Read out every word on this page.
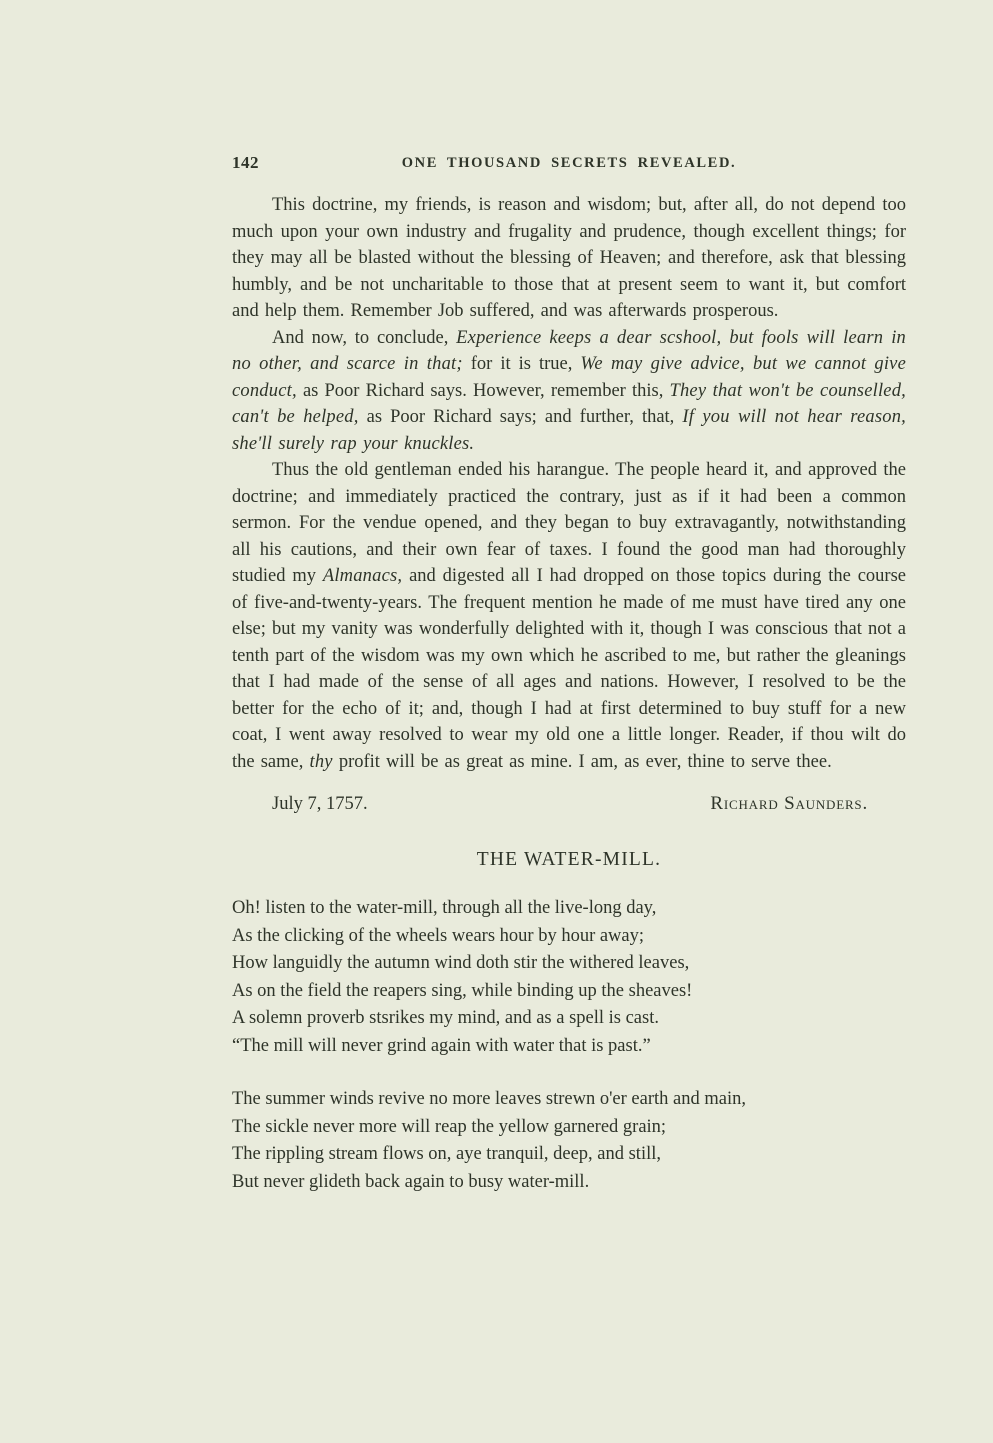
142	ONE THOUSAND SECRETS REVEALED.

This doctrine, my friends, is reason and wisdom; but, after all, do not depend too much upon your own industry and frugality and prudence, though excellent things; for they may all be blasted without the blessing of Heaven; and therefore, ask that blessing humbly, and be not uncharitable to those that at present seem to want it, but comfort and help them. Remember Job suffered, and was afterwards prosperous.

And now, to conclude, Experience keeps a dear scshool, but fools will learn in no other, and scarce in that; for it is true, We may give advice, but we cannot give conduct, as Poor Richard says. However, remember this, They that won't be counselled, can't be helped, as Poor Richard says; and further, that, If you will not hear reason, she'll surely rap your knuckles.

Thus the old gentleman ended his harangue. The people heard it, and approved the doctrine; and immediately practiced the contrary, just as if it had been a common sermon. For the vendue opened, and they began to buy extravagantly, notwithstanding all his cautions, and their own fear of taxes. I found the good man had thoroughly studied my Almanacs, and digested all I had dropped on those topics during the course of five-and-twenty-years. The frequent mention he made of me must have tired any one else; but my vanity was wonderfully delighted with it, though I was conscious that not a tenth part of the wisdom was my own which he ascribed to me, but rather the gleanings that I had made of the sense of all ages and nations. However, I resolved to be the better for the echo of it; and, though I had at first determined to buy stuff for a new coat, I went away resolved to wear my old one a little longer. Reader, if thou wilt do the same, thy profit will be as great as mine. I am, as ever, thine to serve thee.

July 7, 1757.	Richard Saunders.
THE WATER-MILL.
Oh! listen to the water-mill, through all the live-long day,
As the clicking of the wheels wears hour by hour away;
How languidly the autumn wind doth stir the withered leaves,
As on the field the reapers sing, while binding up the sheaves!
A solemn proverb stsrikes my mind, and as a spell is cast.
“The mill will never grind again with water that is past.”
The summer winds revive no more leaves strewn o'er earth and main,
The sickle never more will reap the yellow garnered grain;
The rippling stream flows on, aye tranquil, deep, and still,
But never glideth back again to busy water-mill.
